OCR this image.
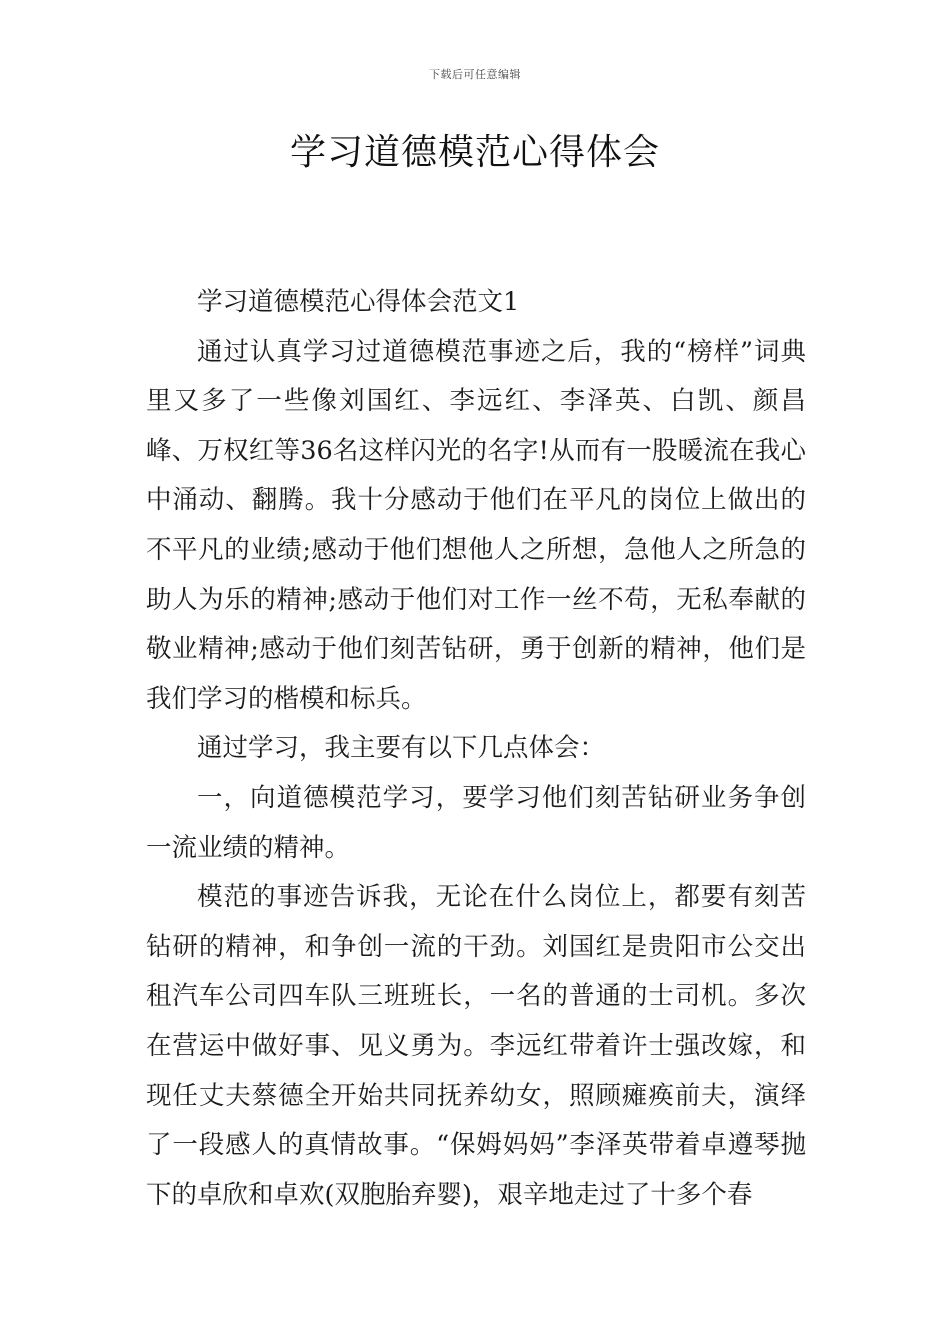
下载后可任意编辑
学习道德模范心得体会

学习道德模范心得体会范文1

通过认真学习过道德模范事迹之后，我的“榜样”词典里又多了一些像刘国红、李远红、李泽英、白凯、颜昌峰、万权红等36名这样闪光的名字!从而有一股暖流在我心中涌动、翻腾。我十分感动于他们在平凡的岗位上做出的不平凡的业绩;感动于他们想他人之所想，急他人之所急的助人为乐的精神;感动于他们对工作一丝不苟，无私奉献的敬业精神;感动于他们刻苦钻研，勇于创新的精神，他们是我们学习的楷模和标兵。

通过学习，我主要有以下几点体会：

一，向道德模范学习，要学习他们刻苦钻研业务争创一流业绩的精神。

模范的事迹告诉我，无论在什么岗位上，都要有刻苦钻研的精神，和争创一流的干劲。刘国红是贵阳市公交出租汽车公司四车队三班班长，一名的普通的士司机。多次在营运中做好事、见义勇为。李远红带着许士强改嫁，和现任丈夫蔡德全开始共同抚养幼女，照顾瘫痪前夫，演绎了一段感人的真情故事。“保姆妈妈”李泽英带着卓遵琴抛下的卓欣和卓欢(双胞胎弃婴)，艰辛地走过了十多个春
